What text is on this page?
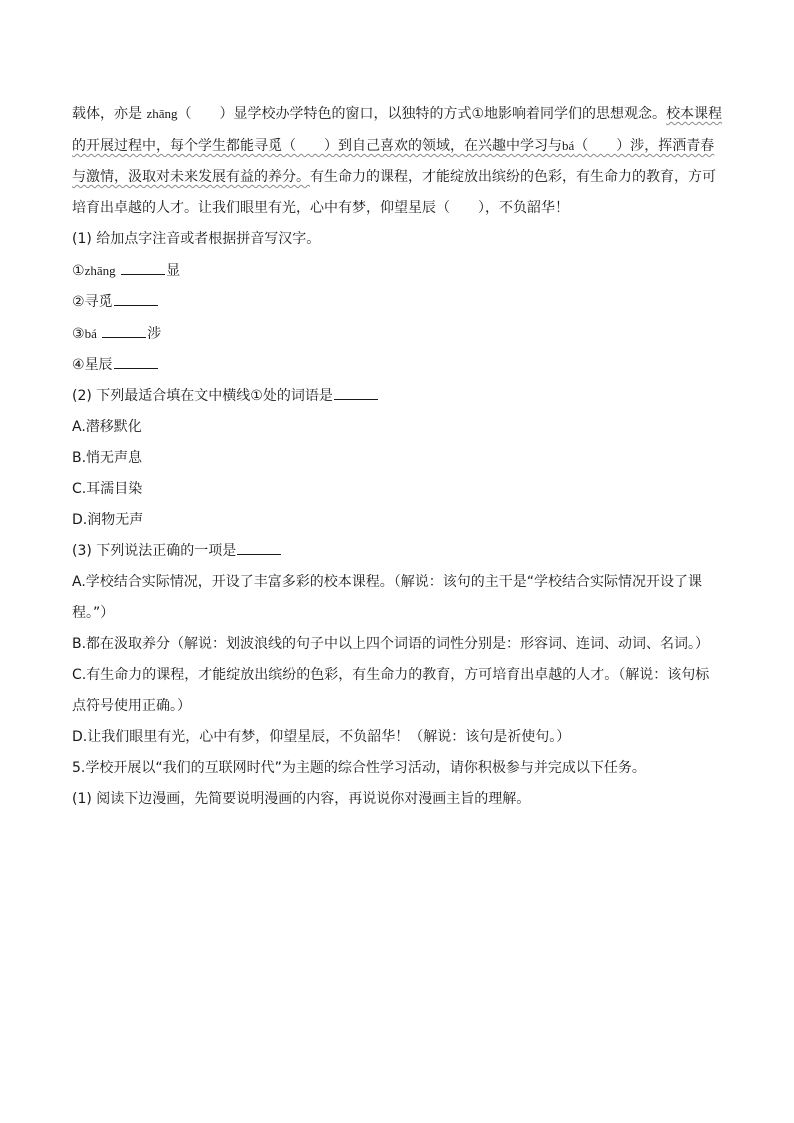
载体，亦是 zhāng（　　）显学校办学特色的窗口，以独特的方式①地影响着同学们的思想观念。校本课程

的开展过程中，每个学生都能寻觅（　　）到自己喜欢的领域，在兴趣中学习与bá（　　）涉，挥洒青春

与激情，汲取对未来发展有益的养分。有生命力的课程，才能绽放出缤纷的色彩，有生命力的教育，方可

培育出卓越的人才。让我们眼里有光，心中有梦，仰望星辰（　　），不负韶华！

(1) 给加点字注音或者根据拼音写汉字。

①zhāng	显

②寻觅

③bá	涉

④星辰

(2) 下列最适合填在文中横线①处的词语是

A.潜移默化

B.悄无声息

C.耳濡目染

D.润物无声

(3) 下列说法正确的一项是

A.学校结合实际情况，开设了丰富多彩的校本课程。（解说：该句的主干是“学校结合实际情况开设了课

程。”）

B.都在汲取养分（解说：划波浪线的句子中以上四个词语的词性分别是：形容词、连词、动词、名词。）

C.有生命力的课程，才能绽放出缤纷的色彩，有生命力的教育，方可培育出卓越的人才。（解说：该句标

点符号使用正确。）

D.让我们眼里有光，心中有梦，仰望星辰，不负韶华！（解说：该句是祈使句。）

5.学校开展以“我们的互联网时代”为主题的综合性学习活动，请你积极参与并完成以下任务。

(1) 阅读下边漫画，先简要说明漫画的内容，再说说你对漫画主旨的理解。
